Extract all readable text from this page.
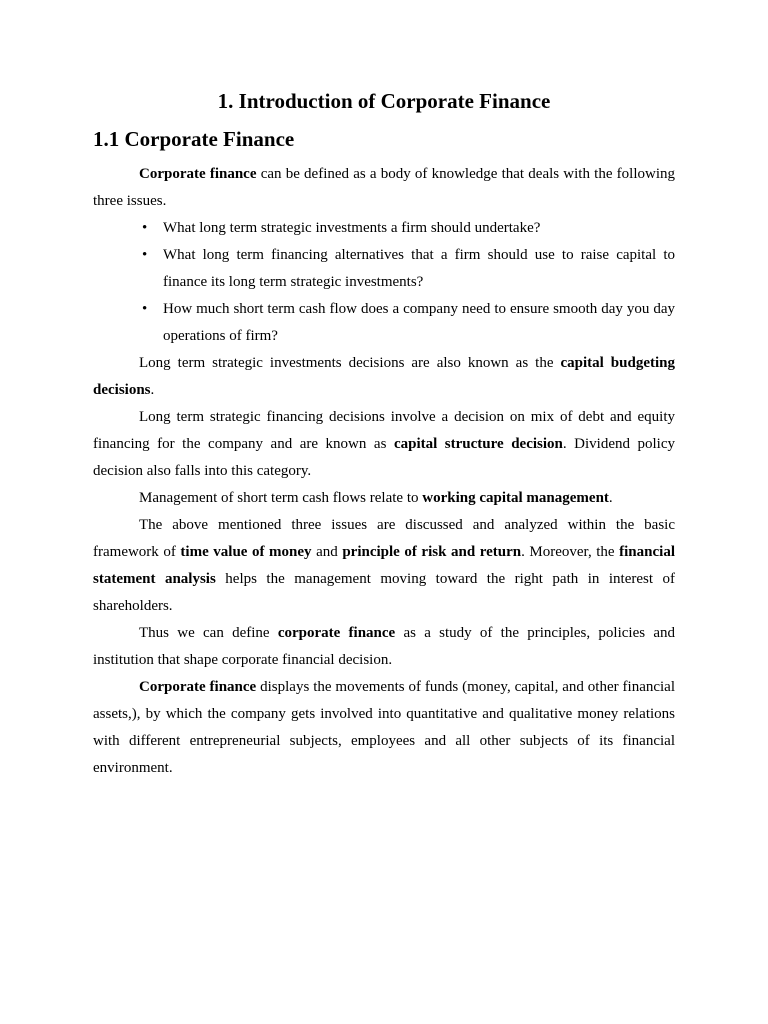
1. Introduction of Corporate Finance
1.1 Corporate Finance

Corporate finance can be defined as a body of knowledge that deals with the following three issues.

• What long term strategic investments a firm should undertake?
• What long term financing alternatives that a firm should use to raise capital to finance its long term strategic investments?
• How much short term cash flow does a company need to ensure smooth day you day operations of firm?

Long term strategic investments decisions are also known as the capital budgeting decisions.

Long term strategic financing decisions involve a decision on mix of debt and equity financing for the company and are known as capital structure decision. Dividend policy decision also falls into this category.

Management of short term cash flows relate to working capital management.

The above mentioned three issues are discussed and analyzed within the basic framework of time value of money and principle of risk and return. Moreover, the financial statement analysis helps the management moving toward the right path in interest of shareholders.

Thus we can define corporate finance as a study of the principles, policies and institution that shape corporate financial decision.

Corporate finance displays the movements of funds (money, capital, and other financial assets,), by which the company gets involved into quantitative and qualitative money relations with different entrepreneurial subjects, employees and all other subjects of its financial environment.
